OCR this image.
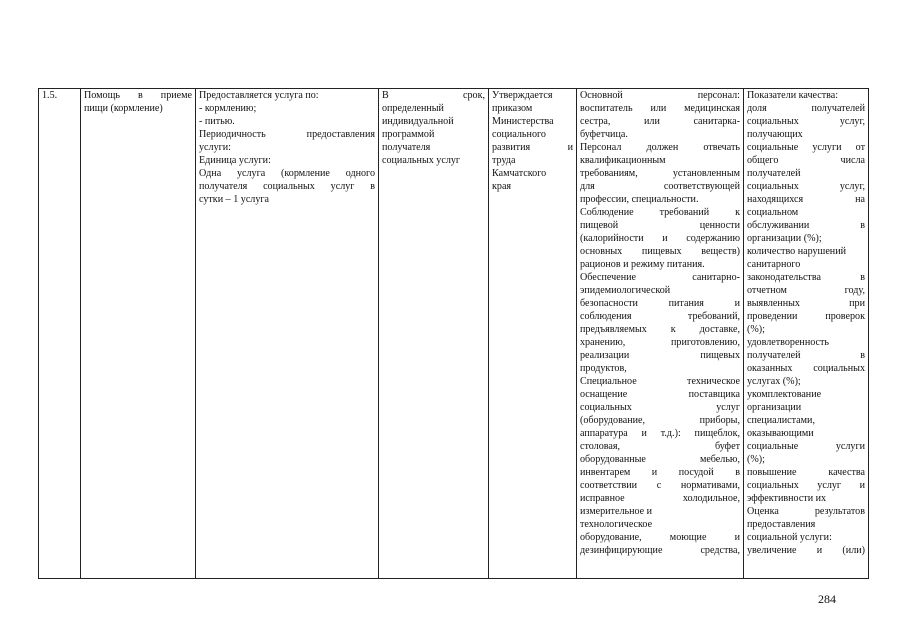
1.5.	Помощь в приеме
пищи (кормление)

Предоставляется услуга по:
- кормлению;
- питью.
Периодичность предоставления
услуги:
Единица услуги:
Одна услуга (кормление одного
получателя социальных услуг в
сутки – 1 услуга

В срок,
определенный
индивидуальной
программой
получателя
социальных услуг

Утверждается
приказом
Министерства
социального
развития и
труда
Камчатского
края

Основной персонал:
воспитатель или медицинская
сестра, или санитарка-
буфетчица.
Персонал должен отвечать
квалификационным
требованиям, установленным
для соответствующей
профессии, специальности.
Соблюдение требований к
пищевой ценности
(калорийности и содержанию
основных пищевых веществ)
рационов и режиму питания.
Обеспечение санитарно-
эпидемиологической
безопасности питания и
соблюдения требований,
предъявляемых к доставке,
хранению, приготовлению,
реализации пищевых
продуктов,
Специальное техническое
оснащение поставщика
социальных услуг
(оборудование, приборы,
аппаратура и т.д.): пищеблок,
столовая, буфет
оборудованные мебелью,
инвентарем и посудой в
соответствии с нормативами,
исправное холодильное,
измерительное и
технологическое
оборудование, моющие и
дезинфицирующие средства,

Показатели качества:
доля получателей
социальных услуг,
получающих
социальные услуги от
общего числа
получателей
социальных услуг,
находящихся на
социальном
обслуживании в
организации (%);
количество нарушений
санитарного
законодательства в
отчетном году,
выявленных при
проведении проверок
(%);
удовлетворенность
получателей в
оказанных социальных
услугах (%);
укомплектование
организации
специалистами,
оказывающими
социальные услуги
(%);
повышение качества
социальных услуг и
эффективности их
Оценка результатов
предоставления
социальной услуги:
увеличение и (или)
284
